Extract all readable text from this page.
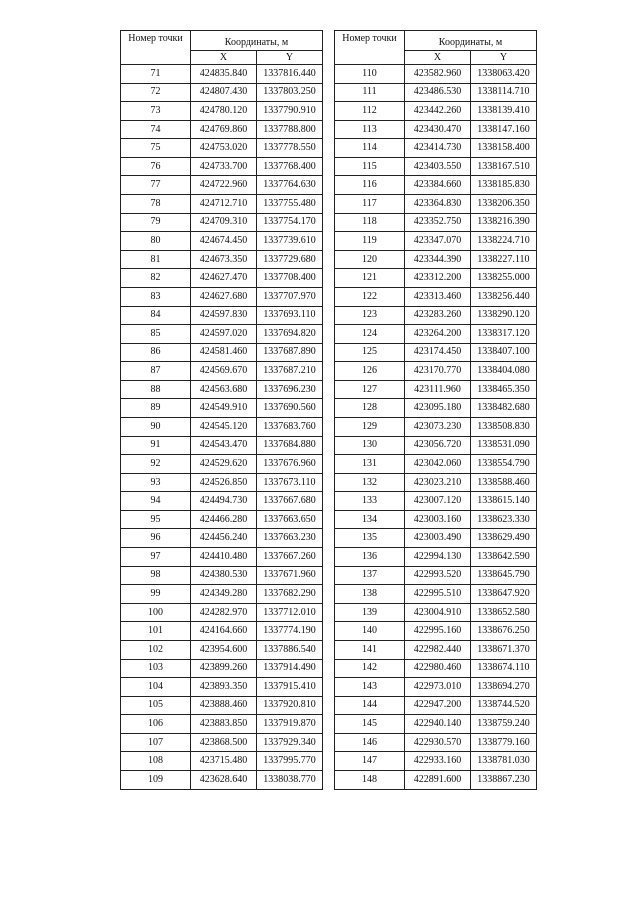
Номер точки	Координаты, м	
	X	Y
71	424835.840	1337816.440
72	424807.430	1337803.250
73	424780.120	1337790.910
74	424769.860	1337788.800
75	424753.020	1337778.550
76	424733.700	1337768.400
77	424722.960	1337764.630
78	424712.710	1337755.480
79	424709.310	1337754.170
80	424674.450	1337739.610
81	424673.350	1337729.680
82	424627.470	1337708.400
83	424627.680	1337707.970
84	424597.830	1337693.110
85	424597.020	1337694.820
86	424581.460	1337687.890
87	424569.670	1337687.210
88	424563.680	1337696.230
89	424549.910	1337690.560
90	424545.120	1337683.760
91	424543.470	1337684.880
92	424529.620	1337676.960
93	424526.850	1337673.110
94	424494.730	1337667.680
95	424466.280	1337663.650
96	424456.240	1337663.230
97	424410.480	1337667.260
98	424380.530	1337671.960
99	424349.280	1337682.290
100	424282.970	1337712.010
101	424164.660	1337774.190
102	423954.600	1337886.540
103	423899.260	1337914.490
104	423893.350	1337915.410
105	423888.460	1337920.810
106	423883.850	1337919.870
107	423868.500	1337929.340
108	423715.480	1337995.770
109	423628.640	1338038.770
Номер точки	Координаты, м	
	X	Y
110	423582.960	1338063.420
111	423486.530	1338114.710
112	423442.260	1338139.410
113	423430.470	1338147.160
114	423414.730	1338158.400
115	423403.550	1338167.510
116	423384.660	1338185.830
117	423364.830	1338206.350
118	423352.750	1338216.390
119	423347.070	1338224.710
120	423344.390	1338227.110
121	423312.200	1338255.000
122	423313.460	1338256.440
123	423283.260	1338290.120
124	423264.200	1338317.120
125	423174.450	1338407.100
126	423170.770	1338404.080
127	423111.960	1338465.350
128	423095.180	1338482.680
129	423073.230	1338508.830
130	423056.720	1338531.090
131	423042.060	1338554.790
132	423023.210	1338588.460
133	423007.120	1338615.140
134	423003.160	1338623.330
135	423003.490	1338629.490
136	422994.130	1338642.590
137	422993.520	1338645.790
138	422995.510	1338647.920
139	423004.910	1338652.580
140	422995.160	1338676.250
141	422982.440	1338671.370
142	422980.460	1338674.110
143	422973.010	1338694.270
144	422947.200	1338744.520
145	422940.140	1338759.240
146	422930.570	1338779.160
147	422933.160	1338781.030
148	422891.600	1338867.230
